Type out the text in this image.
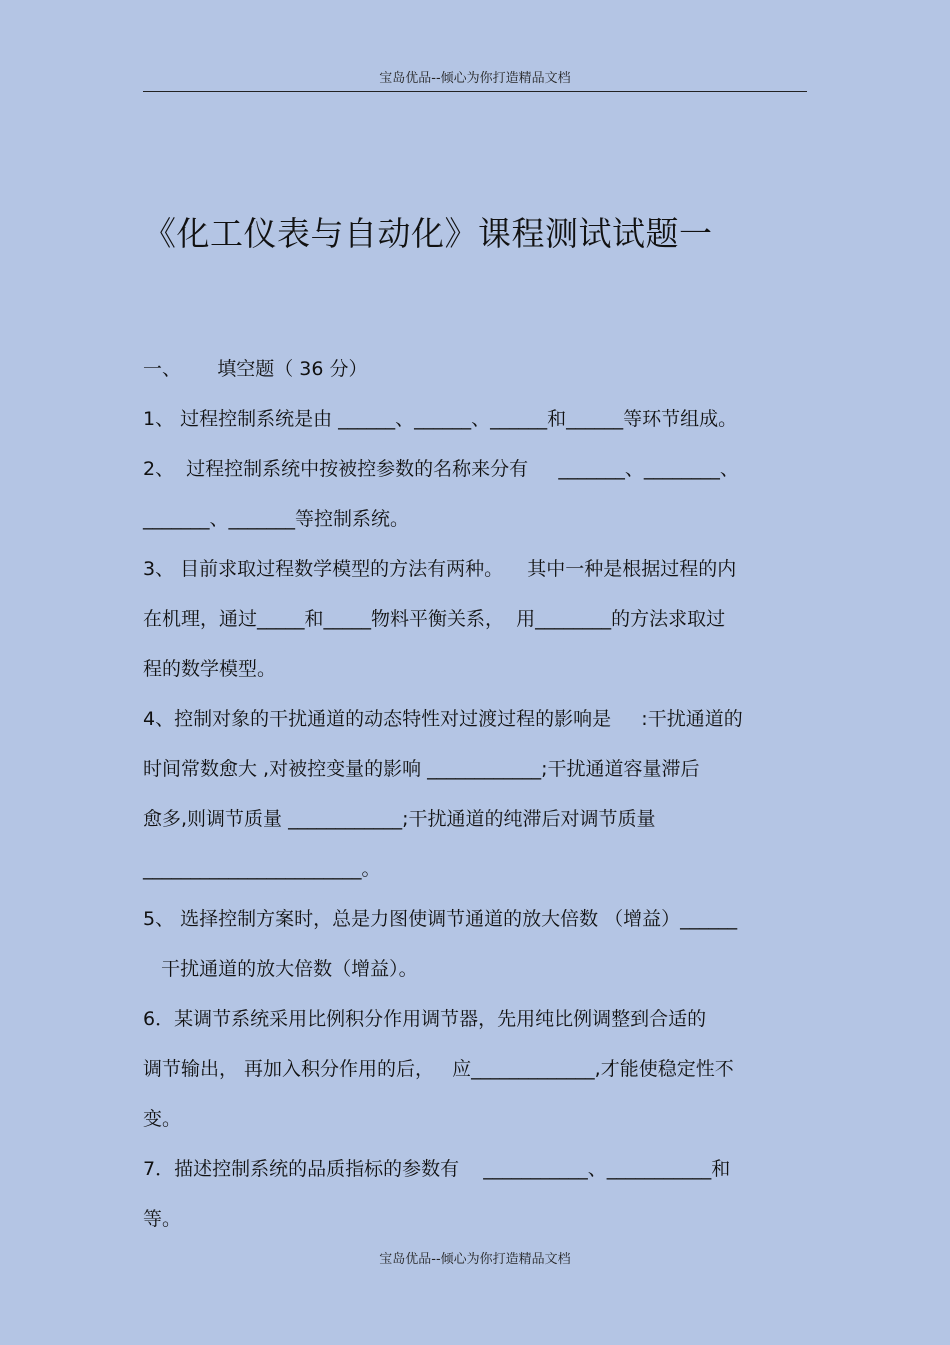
宝岛优品--倾心为你打造精品文档
《化工仪表与自动化》课程测试试题一
一、      填空题（ 36 分）
1、 过程控制系统是由 ______、______、______和______等环节组成。
2、  过程控制系统中按被控参数的名称来分有     _______、________、
_______、_______等控制系统。
3、 目前求取过程数学模型的方法有两种。    其中一种是根据过程的内
在机理，通过_____和_____物料平衡关系，  用________的方法求取过
程的数学模型。
4、控制对象的干扰通道的动态特性对过渡过程的影响是     :干扰通道的
时间常数愈大 ,对被控变量的影响 ____________;干扰通道容量滞后
愈多,则调节质量 ____________;干扰通道的纯滞后对调节质量
_______________________。
5、 选择控制方案时，总是力图使调节通道的放大倍数 （增益）______
干扰通道的放大倍数（增益）。
6．某调节系统采用比例积分作用调节器，先用纯比例调整到合适的
调节输出， 再加入积分作用的后，   应_____________,才能使稳定性不
变。
7．描述控制系统的品质指标的参数有    ___________、___________和
等。
宝岛优品--倾心为你打造精品文档
